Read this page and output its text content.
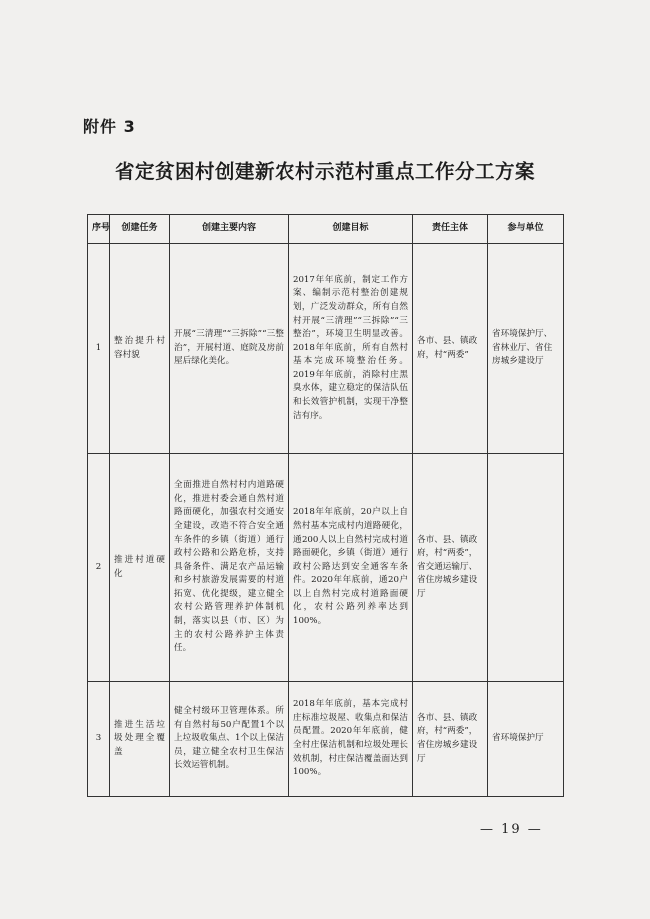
附件 3
省定贫困村创建新农村示范村重点工作分工方案
序号	创建任务	创建主要内容	创建目标	责任主体	参与单位
1	整治提升村容村貌	开展“三清理”“三拆除”“三整治”，开展村道、庭院及房前屋后绿化美化。	2017年年底前，制定工作方案、编制示范村整治创建规划，广泛发动群众，所有自然村开展“三清理”“三拆除”“三整治”，环境卫生明显改善。2018年年底前，所有自然村基本完成环境整治任务。2019年年底前，消除村庄黑臭水体，建立稳定的保洁队伍和长效管护机制，实现干净整洁有序。	各市、县、镇政府，村“两委”	省环境保护厅、省林业厅、省住房城乡建设厅
2	推进村道硬化	全面推进自然村村内道路硬化，推进村委会通自然村道路面硬化，加强农村交通安全建设，改造不符合安全通车条件的乡镇（街道）通行政村公路和公路危桥，支持具备条件、满足农产品运输和乡村旅游发展需要的村道拓宽、优化提级，建立健全农村公路管理养护体制机制，落实以县（市、区）为主的农村公路养护主体责任。	2018年年底前，20户以上自然村基本完成村内道路硬化，通200人以上自然村完成村道路面硬化，乡镇（街道）通行政村公路达到安全通客车条件。2020年年底前，通20户以上自然村完成村道路面硬化，农村公路列养率达到100%。	各市、县、镇政府，村“两委”，省交通运输厅、省住房城乡建设厅	
3	推进生活垃圾处理全覆盖	健全村级环卫管理体系。所有自然村每50户配置1个以上垃圾收集点、1个以上保洁员，建立健全农村卫生保洁长效运管机制。	2018年年底前，基本完成村庄标准垃圾屋、收集点和保洁员配置。2020年年底前，健全村庄保洁机制和垃圾处理长效机制，村庄保洁覆盖面达到100%。	各市、县、镇政府，村“两委”，省住房城乡建设厅	省环境保护厅
— 19 —
